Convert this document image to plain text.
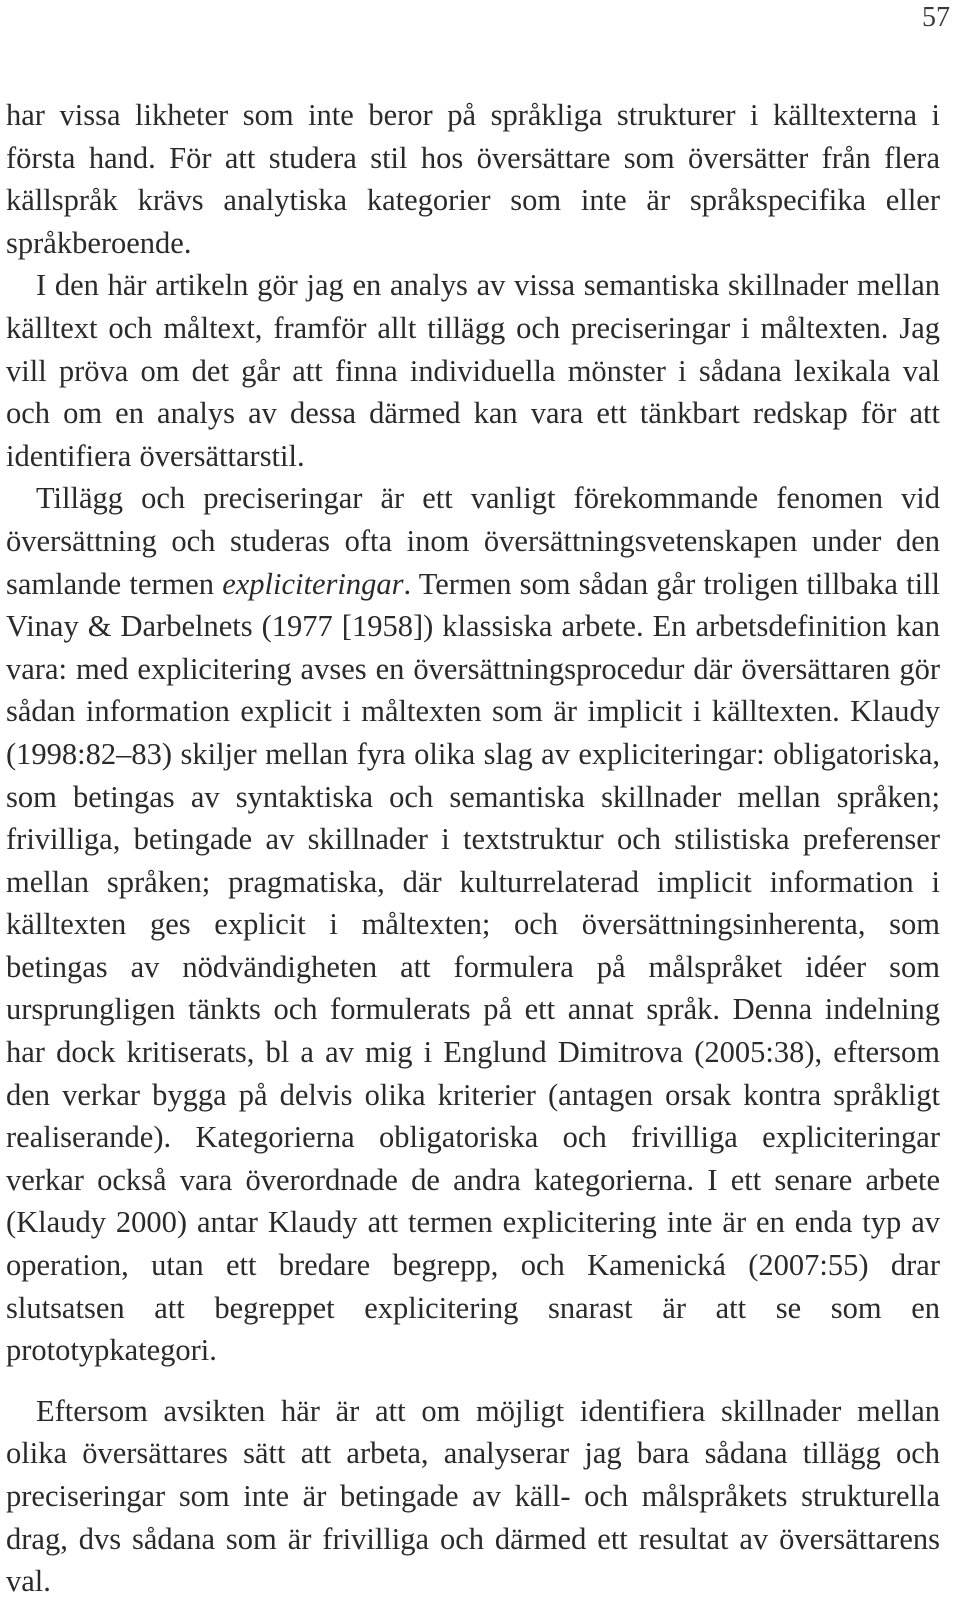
57

har vissa likheter som inte beror på språkliga strukturer i källtexterna i första hand. För att studera stil hos översättare som översätter från flera källspråk krävs analytiska kategorier som inte är språkspecifika eller språkberoende.

I den här artikeln gör jag en analys av vissa semantiska skillnader mellan källtext och måltext, framför allt tillägg och preciseringar i måltexten. Jag vill pröva om det går att finna individuella mönster i sådana lexikala val och om en analys av dessa därmed kan vara ett tänkbart redskap för att identifiera översättarstil.

Tillägg och preciseringar är ett vanligt förekommande fenomen vid översättning och studeras ofta inom översättningsvetenskapen under den samlande termen expliciteringar. Termen som sådan går troligen tillbaka till Vinay & Darbelnets (1977 [1958]) klassiska arbete. En arbetsdefinition kan vara: med explicitering avses en översättningsprocedur där översättaren gör sådan information explicit i måltexten som är implicit i källtexten. Klaudy (1998:82–83) skiljer mellan fyra olika slag av expliciteringar: obligatoriska, som betingas av syntaktiska och semantiska skillnader mellan språken; frivilliga, betingade av skillnader i textstruktur och stilistiska preferenser mellan språken; pragmatiska, där kulturrelaterad implicit information i källtexten ges explicit i måltexten; och översättningsinherenta, som betingas av nödvändigheten att formulera på målspråket idéer som ursprungligen tänkts och formulerats på ett annat språk. Denna indelning har dock kritiserats, bl a av mig i Englund Dimitrova (2005:38), eftersom den verkar bygga på delvis olika kriterier (antagen orsak kontra språkligt realiserande). Kategorierna obligatoriska och frivilliga expliciteringar verkar också vara överordnade de andra kategorierna. I ett senare arbete (Klaudy 2000) antar Klaudy att termen explicitering inte är en enda typ av operation, utan ett bredare begrepp, och Kamenická (2007:55) drar slutsatsen att begreppet explicitering snarast är att se som en prototypkategori.

Eftersom avsikten här är att om möjligt identifiera skillnader mellan olika översättares sätt att arbeta, analyserar jag bara sådana tillägg och preciseringar som inte är betingade av käll- och målspråkets strukturella drag, dvs sådana som är frivilliga och därmed ett resultat av översättarens val.
